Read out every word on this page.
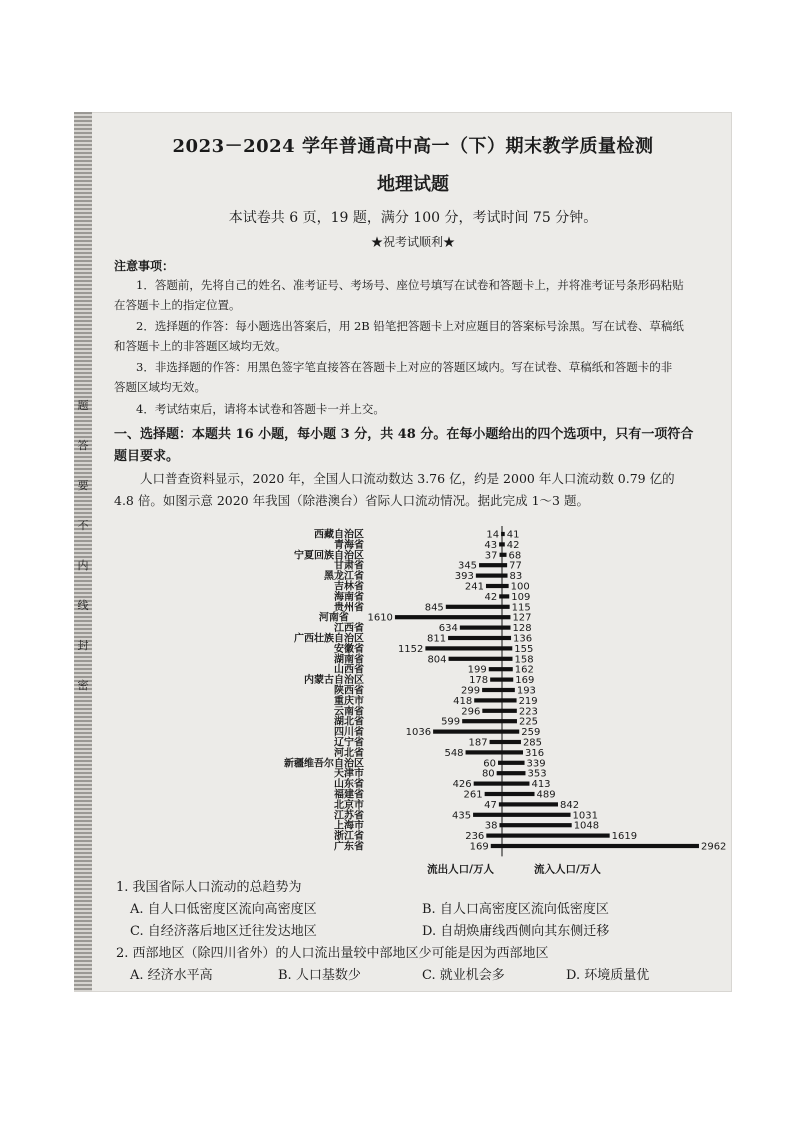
题
答
要
不
内
线
封
密
2023－2024 学年普通高中高一（下）期末教学质量检测
地理试题
本试卷共 6 页，19 题，满分 100 分，考试时间 75 分钟。
★祝考试顺利★
注意事项：
1．答题前，先将自己的姓名、准考证号、考场号、座位号填写在试卷和答题卡上，并将准考证号条形码粘贴
在答题卡上的指定位置。
2．选择题的作答：每小题选出答案后，用 2B 铅笔把答题卡上对应题目的答案标号涂黑。写在试卷、草稿纸
和答题卡上的非答题区域均无效。
3．非选择题的作答：用黑色签字笔直接答在答题卡上对应的答题区域内。写在试卷、草稿纸和答题卡的非
答题区域均无效。
4．考试结束后，请将本试卷和答题卡一并上交。
一、选择题：本题共 16 小题，每小题 3 分，共 48 分。在每小题给出的四个选项中，只有一项符合
题目要求。
人口普查资料显示，2020 年，全国人口流动数达 3.76 亿，约是 2000 年人口流动数 0.79 亿的
4.8 倍。如图示意 2020 年我国（除港澳台）省际人口流动情况。据此完成 1～3 题。
14 41
西藏自治区
43 42
青海省
37 68
宁夏回族自治区
345	77
甘肃省
393	83
黑龙江省
241	100
吉林省
42 109
海南省
845	115
贵州省
1610	127
河南省
634	128
江西省
811	136
广西壮族自治区
1152	155
安徽省
804	158
湖南省
199	162
山西省
178	169
内蒙古自治区
299	193
陕西省
418	219
重庆市
296	223
云南省
599	225
湖北省
1036	259
四川省
187	285
辽宁省
548	316
河北省
60	339
新疆维吾尔自治区
80	353
天津市
426	413
山东省
261	489
福建省
47	842
北京市
435	1031
江苏省
38	1048
上海市
236	1619
浙江省
169	2962
广东省
流出人口/万人	流入人口/万人
1. 我国省际人口流动的总趋势为
A. 自人口低密度区流向高密度区	B. 自人口高密度区流向低密度区
C. 自经济落后地区迁往发达地区	D. 自胡焕庸线西侧向其东侧迁移
2. 西部地区（除四川省外）的人口流出量较中部地区少可能是因为西部地区
A. 经济水平高	B. 人口基数少	C. 就业机会多	D. 环境质量优
